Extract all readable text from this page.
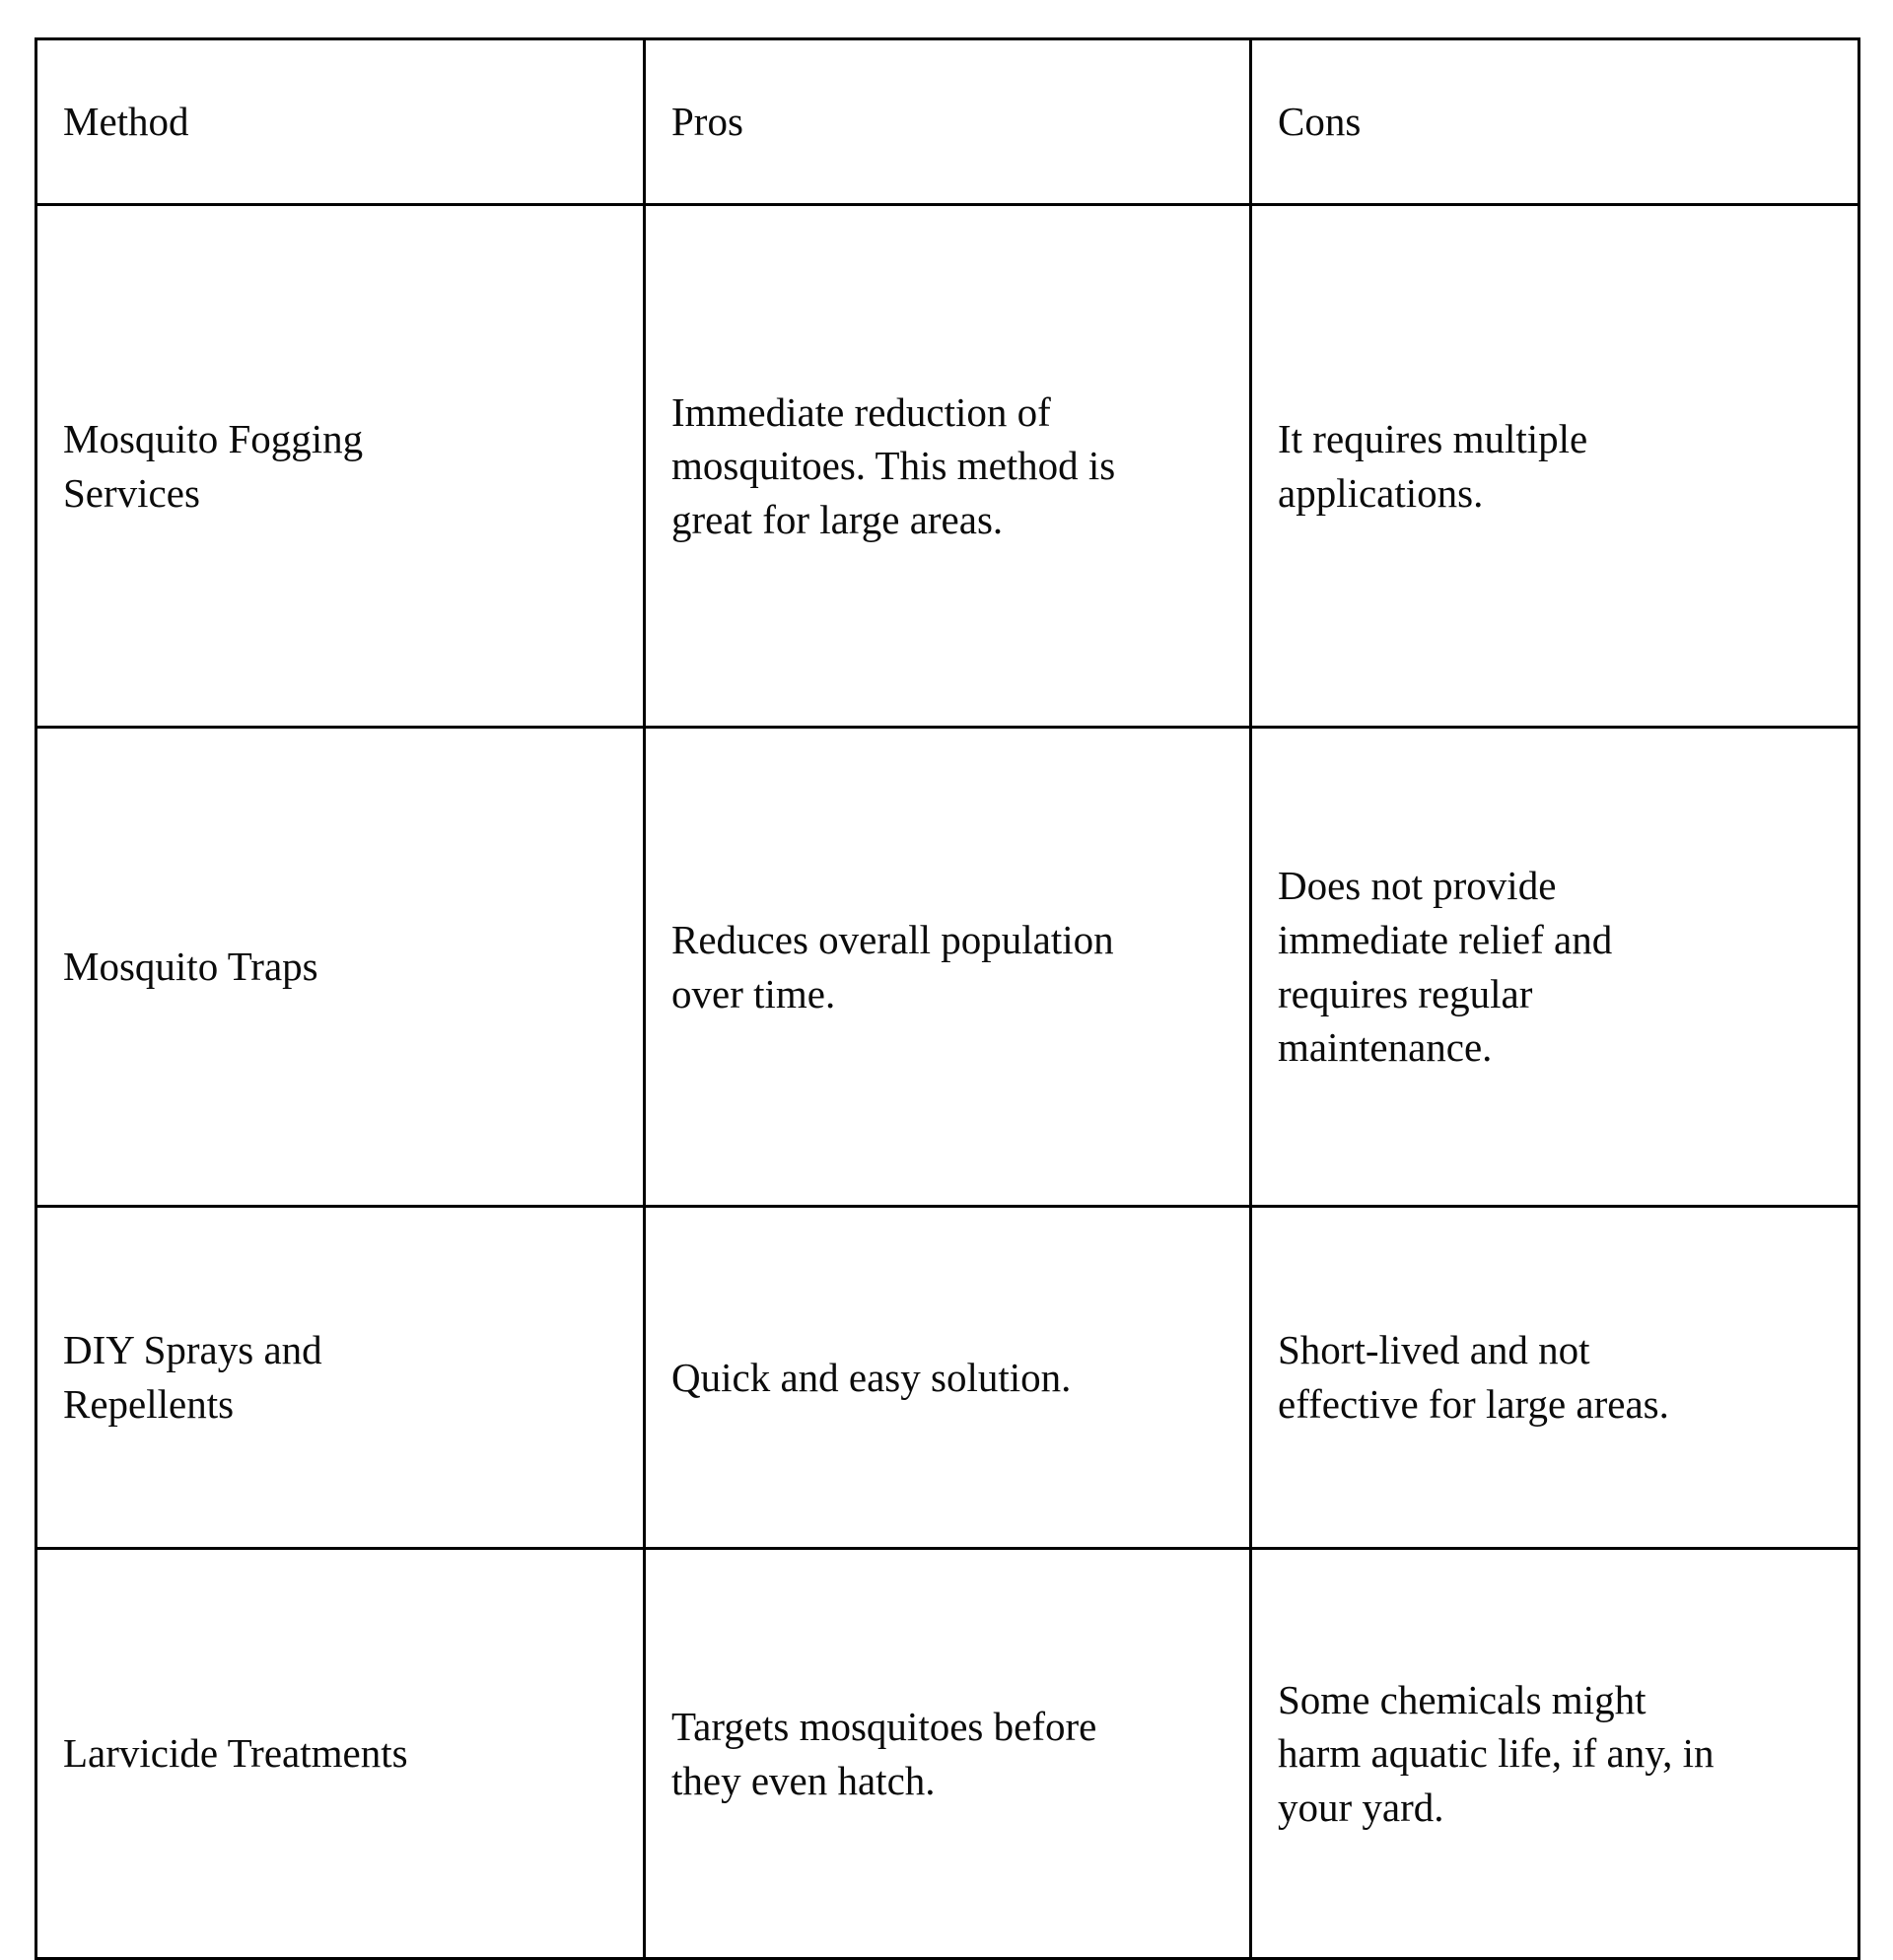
Method	Pros	Cons

Mosquito Fogging Services	Immediate reduction of mosquitoes. This method is great for large areas.	It requires multiple applications.

Mosquito Traps	Reduces overall population over time.	Does not provide immediate relief and requires regular maintenance.

DIY Sprays and Repellents	Quick and easy solution.	Short-lived and not effective for large areas.

Larvicide Treatments	Targets mosquitoes before they even hatch.	Some chemicals might harm aquatic life, if any, in your yard.
